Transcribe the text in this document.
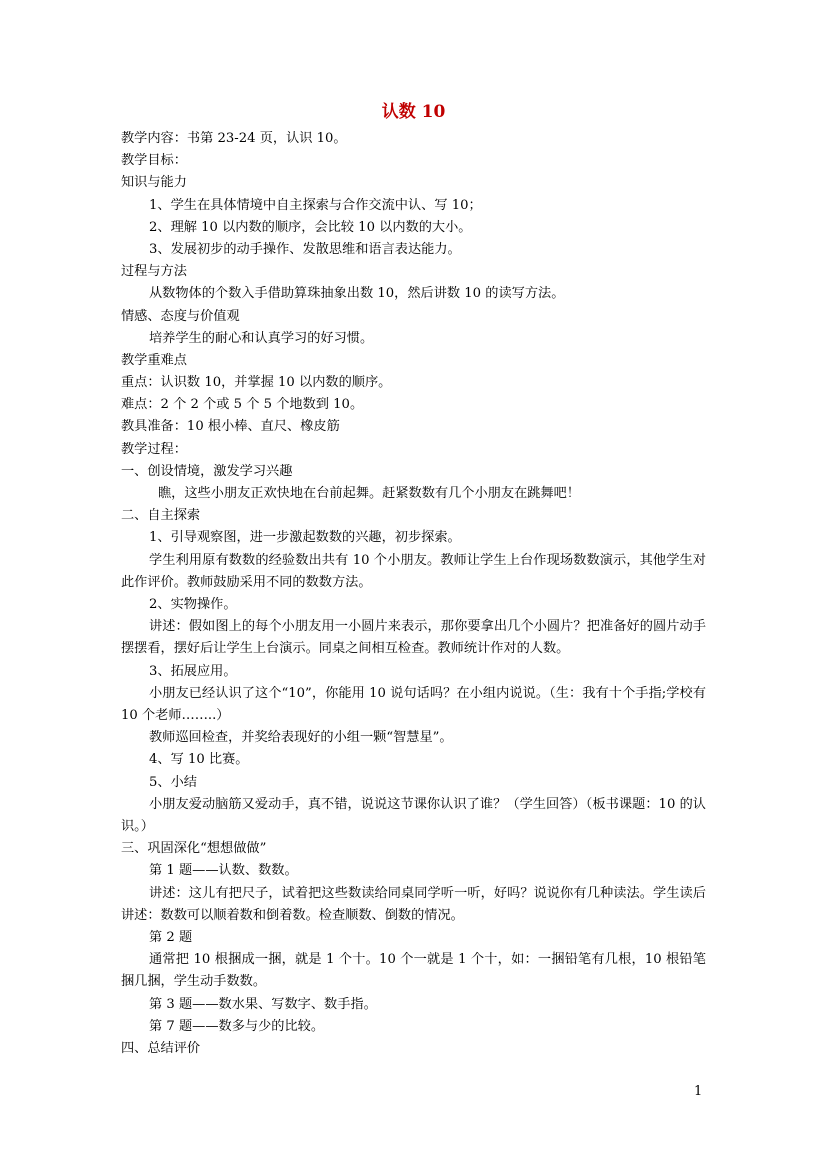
认数 10
教学内容：书第 23-24 页，认识 10。
教学目标：
知识与能力
1、学生在具体情境中自主探索与合作交流中认、写 10；
2、理解 10 以内数的顺序，会比较 10 以内数的大小。
3、发展初步的动手操作、发散思维和语言表达能力。
过程与方法
从数物体的个数入手借助算珠抽象出数 10，然后讲数 10 的读写方法。
情感、态度与价值观
培养学生的耐心和认真学习的好习惯。
教学重难点
重点：认识数 10，并掌握 10 以内数的顺序。
难点：2 个 2 个或 5 个 5 个地数到 10。
教具准备：10 根小棒、直尺、橡皮筋
教学过程：
一、创设情境，激发学习兴趣
瞧，这些小朋友正欢快地在台前起舞。赶紧数数有几个小朋友在跳舞吧！
二、自主探索
1、引导观察图，进一步激起数数的兴趣，初步探索。
学生利用原有数数的经验数出共有 10 个小朋友。教师让学生上台作现场数数演示，其他学生对此作评价。教师鼓励采用不同的数数方法。
2、实物操作。
讲述：假如图上的每个小朋友用一小圆片来表示，那你要拿出几个小圆片？把准备好的圆片动手摆摆看，摆好后让学生上台演示。同桌之间相互检查。教师统计作对的人数。
3、拓展应用。
小朋友已经认识了这个“10”，你能用 10 说句话吗？在小组内说说。（生：我有十个手指;学校有 10 个老师……..）
教师巡回检查，并奖给表现好的小组一颗“智慧星”。
4、写 10 比赛。
5、小结
小朋友爱动脑筋又爱动手，真不错，说说这节课你认识了谁？（学生回答）（板书课题：10 的认识。）
三、巩固深化“想想做做”
第 1 题——认数、数数。
讲述：这儿有把尺子，试着把这些数读给同桌同学听一听，好吗？说说你有几种读法。学生读后讲述：数数可以顺着数和倒着数。检查顺数、倒数的情况。
第 2 题
通常把 10 根捆成一捆，就是 1 个十。10 个一就是 1 个十，如：一捆铅笔有几根，10 根铅笔捆几捆，学生动手数数。
第 3 题——数水果、写数字、数手指。
第 7 题——数多与少的比较。
四、总结评价
1
